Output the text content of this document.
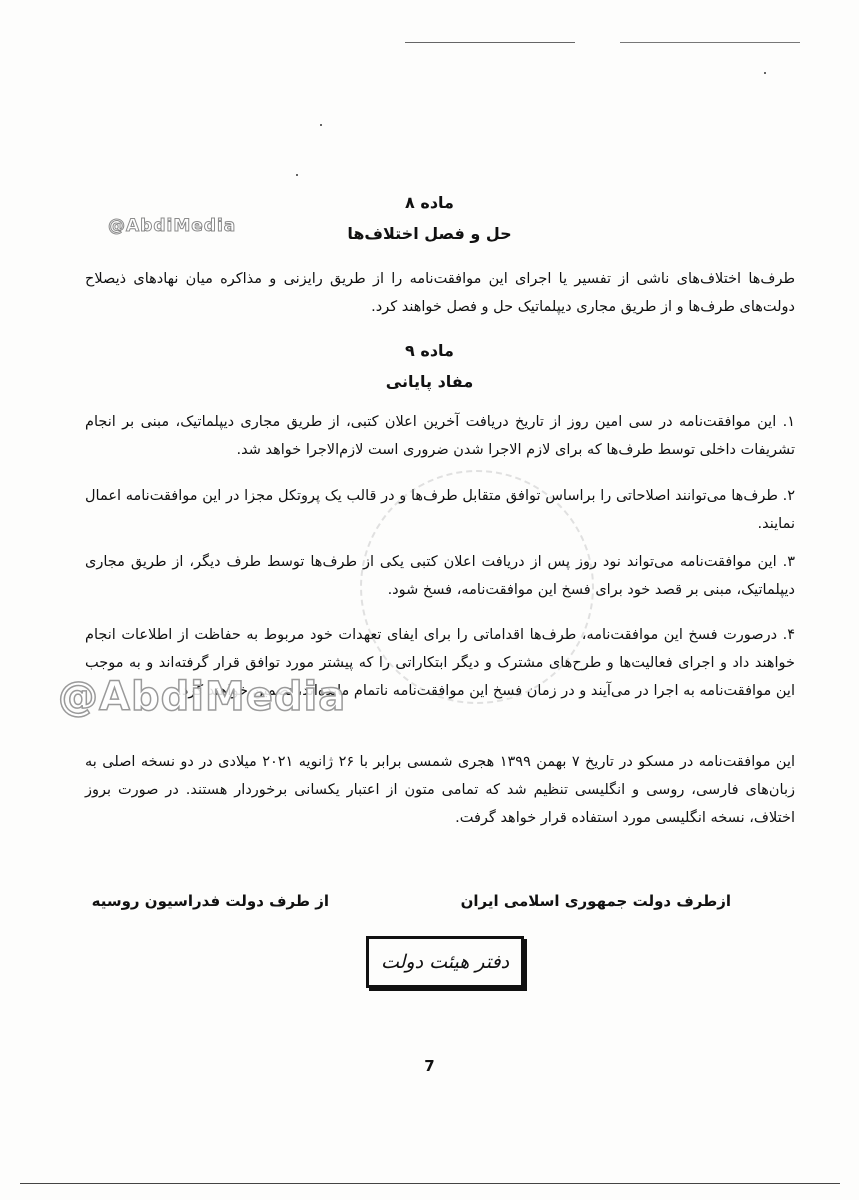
@AbdiMedia
ماده ۸
حل و فصل اختلاف‌ها
طرف‌ها اختلاف‌های ناشی از تفسیر یا اجرای این موافقت‌نامه را از طریق رایزنی و مذاکره میان نهادهای ذیصلاح دولت‌های طرف‌ها و از طریق مجاری دیپلماتیک حل و فصل خواهند کرد.
ماده ۹
مفاد پایانی
۱. این موافقت‌نامه در سی امین روز از تاریخ دریافت آخرین اعلان کتبی، از طریق مجاری دیپلماتیک، مبنی بر انجام تشریفات داخلی توسط طرف‌ها که برای لازم الاجرا شدن ضروری است لازم‌الاجرا خواهد شد.
۲. طرف‌ها می‌توانند اصلاحاتی را براساس توافق متقابل طرف‌ها و در قالب یک پروتکل مجزا در این موافقت‌نامه اعمال نمایند.
۳. این موافقت‌نامه می‌تواند نود روز پس از دریافت اعلان کتبی یکی از طرف‌ها توسط طرف دیگر، از طریق مجاری دیپلماتیک، مبنی بر قصد خود برای فسخ این موافقت‌نامه، فسخ شود.
۴. درصورت فسخ این موافقت‌نامه، طرف‌ها اقداماتی را برای ایفای تعهدات خود مربوط به حفاظت از اطلاعات انجام خواهند داد و اجرای فعالیت‌ها و طرح‌های مشترک و دیگر ابتکاراتی را که پیشتر مورد توافق قرار گرفته‌اند و به موجب این موافقت‌نامه به اجرا در می‌آیند و در زمان فسخ این موافقت‌نامه ناتمام مانده‌اند، تضمین خواهند کرد.
@AbdiMedia
این موافقت‌نامه در مسکو در تاریخ ۷ بهمن ۱۳۹۹ هجری شمسی برابر با ۲۶ ژانویه ۲۰۲۱ میلادی در دو نسخه اصلی به زبان‌های فارسی، روسی و انگلیسی تنظیم شد که تمامی متون از اعتبار یکسانی برخوردار هستند. در صورت بروز اختلاف، نسخه انگلیسی مورد استفاده قرار خواهد گرفت.
ازطرف دولت جمهوری اسلامی ایران
از طرف دولت فدراسیون روسیه
دفتر هیئت دولت
7
